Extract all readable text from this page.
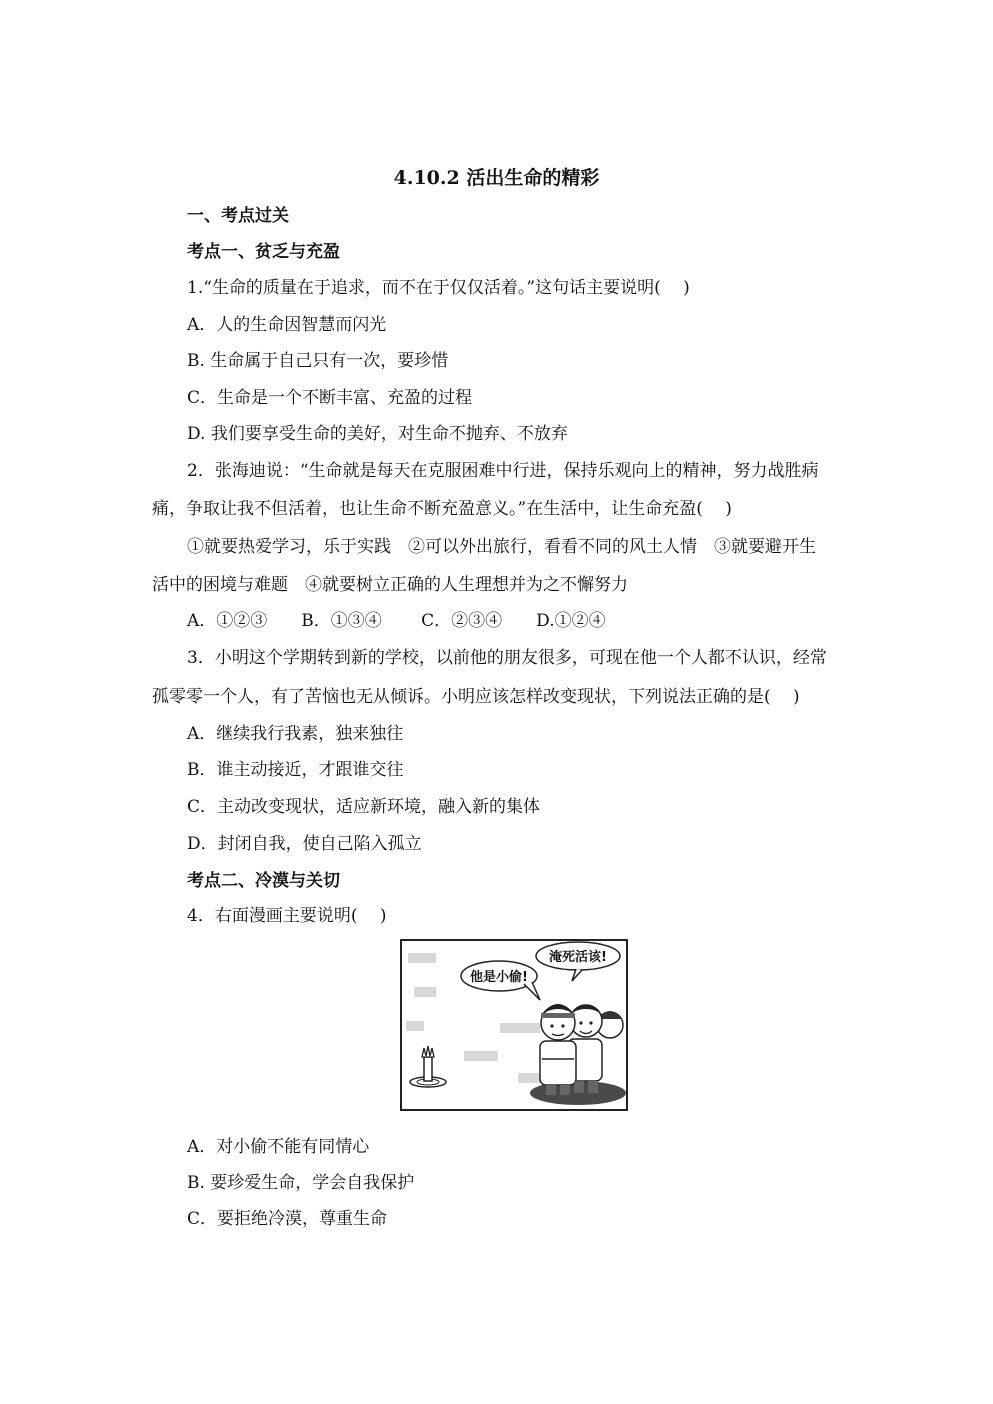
4.10.2 活出生命的精彩
一、考点过关
考点一、贫乏与充盈
1.“生命的质量在于追求，而不在于仅仅活着。”这句话主要说明(　 )
A．人的生命因智慧而闪光
B. 生命属于自己只有一次，要珍惜
C．生命是一个不断丰富、充盈的过程
D. 我们要享受生命的美好，对生命不抛弃、不放弃
2．张海迪说：“生命就是每天在克服困难中行进，保持乐观向上的精神，努力战胜病
痛，争取让我不但活着，也让生命不断充盈意义。”在生活中，让生命充盈(　 )
①就要热爱学习，乐于实践　②可以外出旅行，看看不同的风土人情　③就要避开生
活中的困境与难题　④就要树立正确的人生理想并为之不懈努力
A．①②③　　B．①③④　　 C．②③④　　D.①②④
3．小明这个学期转到新的学校，以前他的朋友很多，可现在他一个人都不认识，经常
孤零零一个人，有了苦恼也无从倾诉。小明应该怎样改变现状，下列说法正确的是(　 )
A．继续我行我素，独来独往
B．谁主动接近，才跟谁交往
C．主动改变现状，适应新环境，融入新的集体
D．封闭自我，使自己陷入孤立
考点二、冷漠与关切
4．右面漫画主要说明(　 )
淹死活该!
他是小偷!
A．对小偷不能有同情心
B. 要珍爱生命，学会自我保护
C．要拒绝冷漠，尊重生命
